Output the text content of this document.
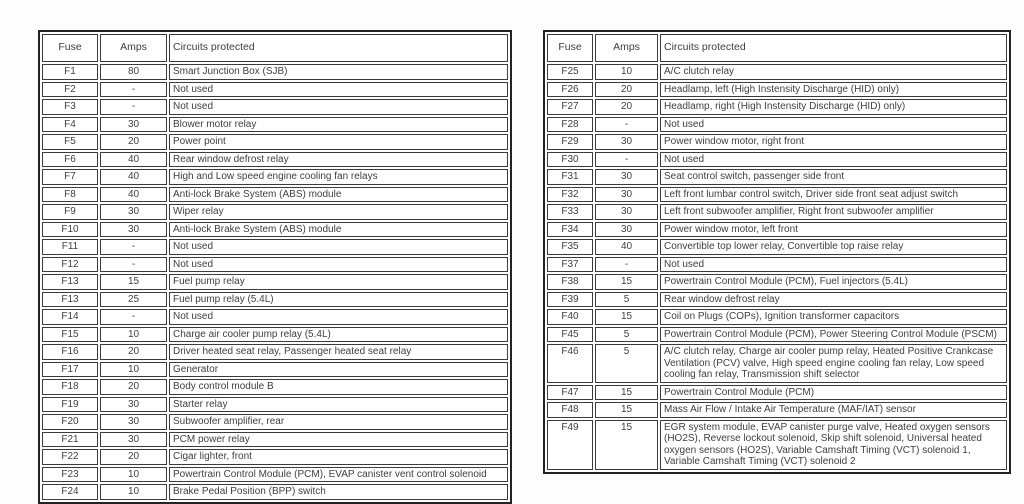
Fuse	Amps	Circuits protected
F1	80	Smart Junction Box (SJB)
F2	-	Not used
F3	-	Not used
F4	30	Blower motor relay
F5	20	Power point
F6	40	Rear window defrost relay
F7	40	High and Low speed engine cooling fan relays
F8	40	Anti-lock Brake System (ABS) module
F9	30	Wiper relay
F10	30	Anti-lock Brake System (ABS) module
F11	-	Not used
F12	-	Not used
F13	15	Fuel pump relay
F13	25	Fuel pump relay (5.4L)
F14	-	Not used
F15	10	Charge air cooler pump relay (5.4L)
F16	20	Driver heated seat relay, Passenger heated seat relay
F17	10	Generator
F18	20	Body control module B
F19	30	Starter relay
F20	30	Subwoofer amplifier, rear
F21	30	PCM power relay
F22	20	Cigar lighter, front
F23	10	Powertrain Control Module (PCM), EVAP canister vent control solenoid
F24	10	Brake Pedal Position (BPP) switch
Fuse	Amps	Circuits protected
F25	10	A/C clutch relay
F26	20	Headlamp, left (High Instensity Discharge (HID) only)
F27	20	Headlamp, right (High Instensity Discharge (HID) only)
F28	-	Not used
F29	30	Power window motor, right front
F30	-	Not used
F31	30	Seat control switch, passenger side front
F32	30	Left front lumbar control switch, Driver side front seat adjust switch
F33	30	Left front subwoofer amplifier, Right front subwoofer amplifier
F34	30	Power window motor, left front
F35	40	Convertible top lower relay, Convertible top raise relay
F37	-	Not used
F38	15	Powertrain Control Module (PCM), Fuel injectors (5.4L)
F39	5	Rear window defrost relay
F40	15	Coil on Plugs (COPs), Ignition transformer capacitors
F45	5	Powertrain Control Module (PCM), Power Steering Control Module (PSCM)
F46	5	A/C clutch relay, Charge air cooler pump relay, Heated Positive Crankcase Ventilation (PCV) valve, High speed engine cooling fan relay, Low speed cooling fan relay, Transmission shift selector
F47	15	Powertrain Control Module (PCM)
F48	15	Mass Air Flow / Intake Air Temperature (MAF/IAT) sensor
F49	15	EGR system module, EVAP canister purge valve, Heated oxygen sensors (HO2S), Reverse lockout solenoid, Skip shift solenoid, Universal heated oxygen sensors (HO2S), Variable Camshaft Timing (VCT) solenoid 1, Variable Camshaft Timing (VCT) solenoid 2
